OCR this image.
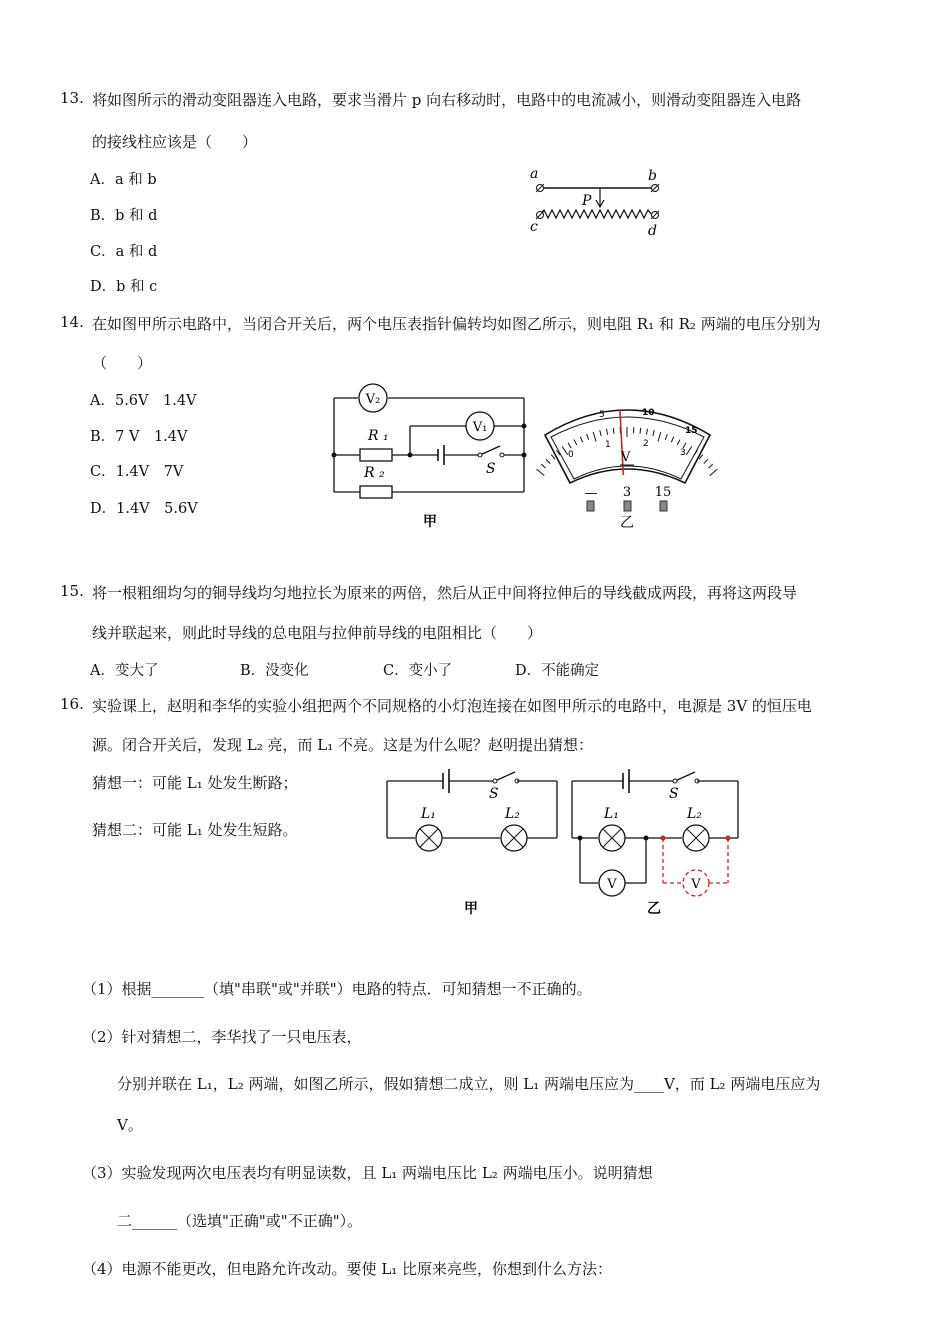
13. 将如图所示的滑动变阻器连入电路，要求当滑片 p 向右移动时，电路中的电流减小，则滑动变阻器连入电路
的接线柱应该是（　　）
A．a 和 b
B．b 和 d
C．a 和 d
D．b 和 c
a	b
c	d
P
14. 在如图甲所示电路中，当闭合开关后，两个电压表指针偏转均如图乙所示，则电阻 R₁ 和 R₂ 两端的电压分别为
（　　）
A．5.6V　1.4V
B．7 V　1.4V
C．1.4V　7V
D．1.4V　5.6V
V₂
V₁
R ₁
R ₂	S
甲
5	10
15
0
1	2
3
V
— 3 15
乙
15. 将一根粗细均匀的铜导线均匀地拉长为原来的两倍，然后从正中间将拉伸后的导线截成两段，再将这两段导
线并联起来，则此时导线的总电阻与拉伸前导线的电阻相比（　　）
A．变大了	B．没变化	C．变小了	D．不能确定
16. 实验课上，赵明和李华的实验小组把两个不同规格的小灯泡连接在如图甲所示的电路中，电源是 3V 的恒压电
源。闭合开关后，发现 L₂ 亮，而 L₁ 不亮。这是为什么呢？赵明提出猜想：
猜想一：可能 L₁ 处发生断路；
猜想二：可能 L₁ 处发生短路。
S
L₁	L₂
甲
V	V
S
L₁	L₂
乙
（1）根据_______（填"串联"或"并联"）电路的特点．可知猜想一不正确的。
（2）针对猜想二，李华找了一只电压表，
分别并联在 L₁，L₂ 两端，如图乙所示，假如猜想二成立，则 L₁ 两端电压应为____V，而 L₂ 两端电压应为
V。
（3）实验发现两次电压表均有明显读数，且 L₁ 两端电压比 L₂ 两端电压小。说明猜想
二______（选填"正确"或"不正确"）。
（4）电源不能更改，但电路允许改动。要使 L₁ 比原来亮些，你想到什么方法：
